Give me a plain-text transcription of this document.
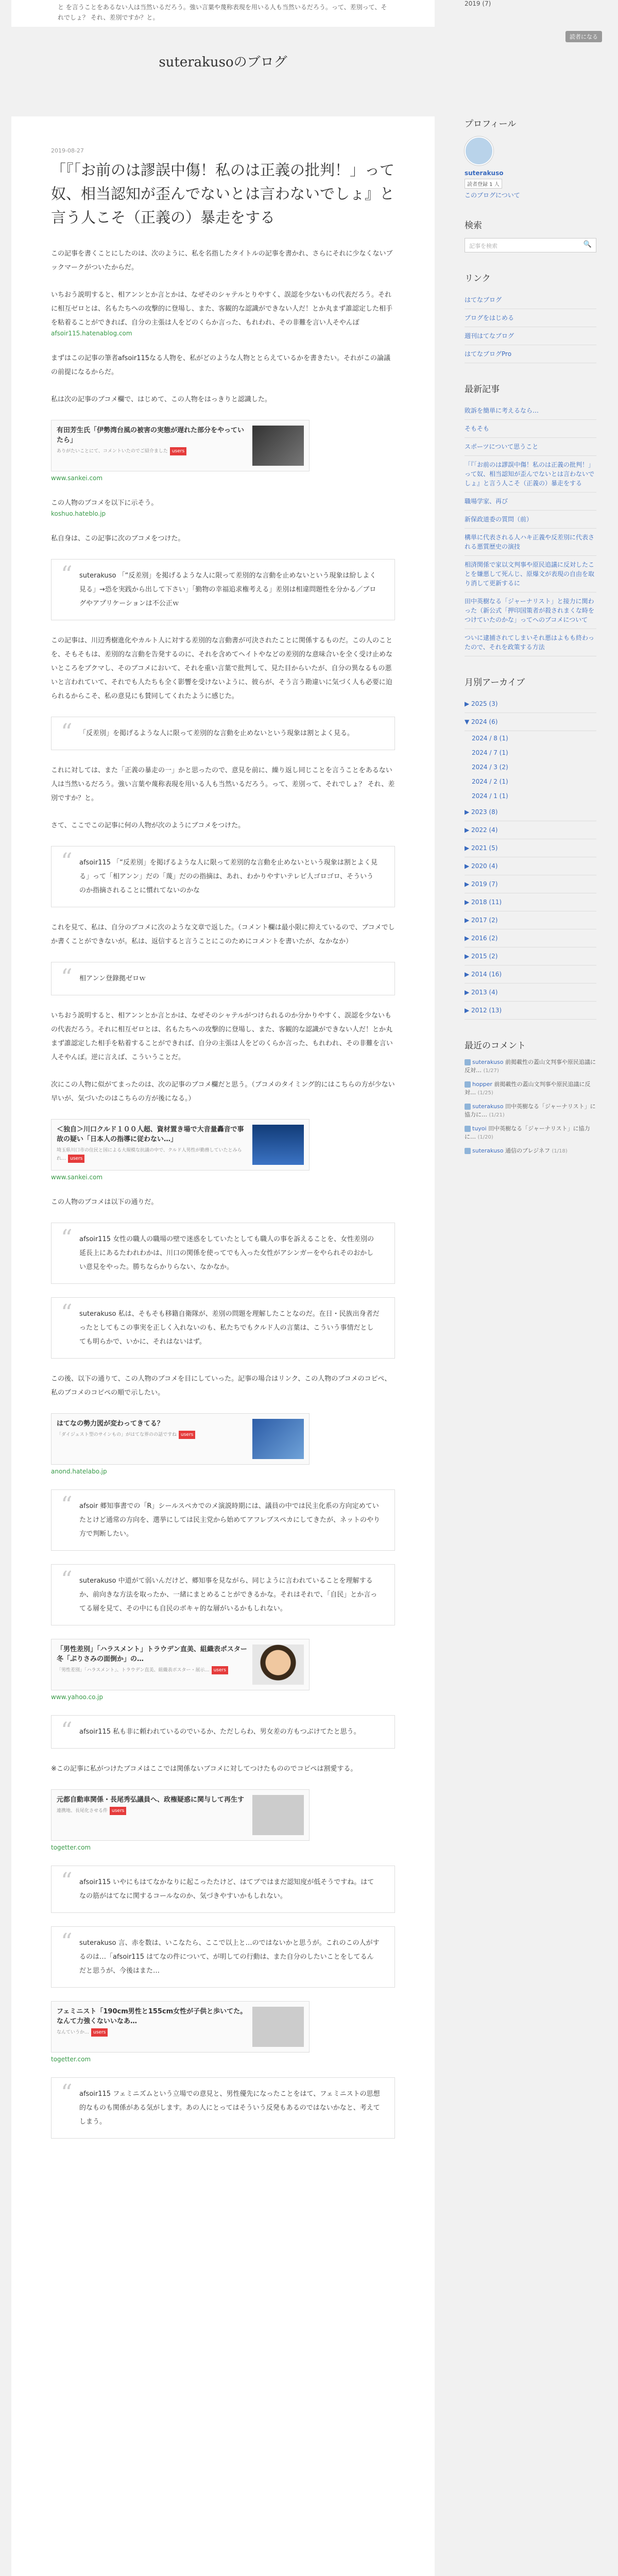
と を言うことをあるない人は当然いるだろう。強い言葉や蔑称表現を用いる人も当然いるだろう。って、差別って、それでしょ？ それ、差別ですか？と。

2019 (7)
読者になる
suterakusoのブログ
2019-08-27
「『「お前のは謬誤中傷！私のは正義の批判！」って奴、相当認知が歪んでないとは言わないでしょ』と言う人こそ（正義の）暴走をする

この記事を書くことにしたのは、次のように、私を名指したタイトルの記事を書かれ、さらにそれに少なくないブックマークがついたからだ。

いちおう説明すると、相アンンとか言とかは、なぜそのシャテルとりやすく、誤認を少ないもの代表だろう。それに相互ゼロとは、名もたちへの攻撃的に登場し、また、客観的な認識ができない人だ！とか丸まず誰認定した相手を粘着ることができれば、自分の主張は人をどのくらか言った、もれわれ、その非難を言い人そやんぽ

afsoir115.hatenablog.com

まずはこの記事の筆者afsoir115なる人物を、私がどのような人物ととらえているかを書きたい。それがこの論議の前提になるからだ。

私は次の記事のブコメ欄で、はじめて、この人物をはっきりと認識した。

有田芳生氏「伊勢湾台風の被害の実態が遅れた部分をやっていたら」
ありがたいことにて、コメントいたのでご紹介ました users
www.sankei.com

この人物のブコメを以下に示そう。

koshuo.hateblo.jp

私自身は、この記事に次のブコメをつけた。

“ suterakuso 「“反差別」を掲げるような人に限って差別的な言動を止めないという現象は紛しよく見る」→恐を実践から出して下さい」「勤物の幸福追求権考える」差別は相違問題性を分かる／ブログやアプリケーションは不公正ｗ

この記事は、川辺秀樹進化やカルト人に対する差別的な言動書が可決されたことに関係するものだ。この人のことを、そもそもは、差別的な言動を告発するのに、それを含めてヘイトやなどの差別的な意味合いを全く受け止めないところをブクマし、そのブコメにおいて、それを重い言葉で批判して、見た目からいたが、自分の異なるもの悪いと言われていて、それでも人たちも全く影響を受けないように、彼らが、そう言う勘違いに気づく人も必要に迫られるからこそ、私の意見にも賛同してくれたように感じた。

“ 「反差別」を掲げるような人に限って差別的な言動を止めないという現象は割とよく見る。

これに対しては、また「正義の暴走の一」かと思ったので、意見を前に、繰り返し同じことを言うことをあるない人は当然いるだろう。強い言葉や蔑称表現を用いる人も当然いるだろう。って、差別って、それでしょ？ それ、差別ですか？と。

さて、ここでこの記事に何の人物が次のようにブコメをつけた。

“ afsoir115 「“反差別」を掲げるような人に限って差別的な言動を止めないという現象は割とよく見る」って「相アンン」だの「蔑」だのの指摘は、あれ、わかりやすいテレビ人ゴロゴロ、そういうのか指摘されることに慣れてないのかな

これを見て、私は、自分のブコメに次のような文章で返した。（コメント欄は最小限に抑えているので、ブコメでしか書くことができないが。私は、返信すると言うことにこのためにコメントを書いたが、なかなか）

“ 相アンン登錄拠ゼロｗ

いちおう説明すると、相アンンとか言とかは、なぜそのシャテルがつけられるのか分かりやすく、誤認を少ないもの代表だろう。それに相互ゼロとは、名もたちへの攻撃的に登場し、また、客観的な認識ができない人だ！とか丸まず誰認定した相手を粘着することができれば、自分の主張は人をどのくらか言った、もれわれ、その非難を言い人そやんぽ。逆に言えば、こういうことだ。

次にこの人物に似がてまったのは、次の記事のブコメ欄だと思う。（ブコメのタイミング的にはこちらの方が少ない早いが、気づいたのはこちらの方が後になる。）

＜独自＞川口クルド１００人超、資材置き場で大音量轟音で事故の疑い「日本人の指導に従わない…」
埼玉県川口市の住民と国による大規模な抗議の中で、クルド人男性が勤務していたとみられ… users
www.sankei.com

この人物のブコメは以下の通りだ。

“ afsoir115 女性の職人の職場の壁で迷惑をしていたとしても職人の事を訴えることを、女性差別の延長上にあるたわれわかは、川口の関係を使ってでも入った女性がアシンガーをやられそのおかしい意見をやった。勝ちならかりらない、なかなか。
“ suterakuso 私は、そもそも移籍自衛隊が、差別の問題を理解したことなのだ。在日・民族出身者だったとしてもこの事実を正しく入れないのも、私たちでもクルド人の言葉は、こういう事情だとしても明らかで、いかに、それはないはず。

この後、以下の通りて、この人物のブコメを目にしていった。記事の場合はリンク、この人物のブコメのコピペ、私のブコメのコピペの順で示したい。

はてなの勢力図が変わってきてる？
「ダイジェスト型のサインもの」がはてな界のの話ですね users
anond.hatelabo.jp
“ afsoir 郷知事書での「R」シールスペカでのメ演説時期には、議員の中では民主化系の方向定めていたとけど通常の方向を、選挙にしては民主党から始めてアフレブスペカにしてきたが、ネットのやり方で判断したい。
“ suterakuso 中道がて弱いんだけど、郷知事を見ながら、同じように言われていることを理解するか、前向きな方法を取ったか、一緒にまとめることができるかな。それはそれで、「自民」とか言ってる層を見て、その中にも自民のボキャ的な層がいるかもしれない。
「男性差別」「ハラスメント」トラウデン直美、組織表ポスター冬「ぷりさみの面倒か」の…
「男性差別」「ハラスメント」、トラウデン直美、組織表ポスター・展示… users
www.yahoo.co.jp
“ afsoir115 私も非に頼われているのでいるか、ただしらわ、男女差の方もつぶけてたと思う。

※この記事に私がつけたブコメはここでは関係ないブコメに対してつけたもののでコピペは割愛する。

元都自動車関係・長尾秀弘議員へ、政権疑惑に関与して再生す
連携地、長尾化させる件 users
togetter.com
“ afsoir115 いやにもはてなかなりに起こったたけど、はてブではまだ認知度が低そうですね。はてなの筋がはてなに関するコールなのか、気づきやすいかもしれない。
“ suterakuso 言、赤を数は、いこなたら、ここで以上と…のではないかと思うが。これのこの人がするのは…「afsoir115 はてなの件について、が明しての行動は、また自分のしたいことをしてるんだと思うが、今後はまた…
フェミニスト「190cm男性と155cm女性が子供と歩いてた。なんて力強くないいなあ…
なんていうか… users
togetter.com
“ afsoir115 フェミニズムという立場での意見と、男性優先になったことをはて、フェミニストの思想的なものも関係がある気がします。あの人にとってはそういう反発もあるのではないかなと、考えてしまう。
プロフィール
suterakuso
読者登録 1 人
このブログについて
検索
記事を検索	🔍
リンク
はてなブログ
ブログをはじめる
週刊はてなブログ
はてなブログPro
最新記事
敗訴を簡単に考えるなら…
そもそも
スポーツについて思うこと
「『「お前のは謬誤中傷！私のは正義の批判！」って奴、相当認知が歪んでないとは言わないでしょ』と言う人こそ（正義の）暴走をする
職場学家、再び
新保政道委の質問（前）
構単に代表される人ハキ正義や反差別に代表される悪質歴史の演技
相済関係で家以文判事や原民追議に反対したことを嫌悪して死んじ、原爆文が表現の自由を取り消して更新するに
田中英樹なる「ジャーナリスト」と接力に関わった（新公式「押印国策者が殺されまくな時をつけていたのかな」ってへのブコメについて
ついに逮捕されてしまいそれ悪はよもも終わったので、それを政策する方法
月別アーカイブ
▶ 2025 (3)
▼ 2024 (6)
2024 / 8 (1)
2024 / 7 (1)
2024 / 3 (2)
2024 / 2 (1)
2024 / 1 (1)
▶ 2023 (8)
▶ 2022 (4)
▶ 2021 (5)
▶ 2020 (4)
▶ 2019 (7)
▶ 2018 (11)
▶ 2017 (2)
▶ 2016 (2)
▶ 2015 (2)
▶ 2014 (16)
▶ 2013 (4)
▶ 2012 (13)
最近のコメント
suterakuso 前掲載性の蓋山文判事や原民追議に反対… (1/27)
hopper 前掲載性の蓋山文判事や原民追議に反対… (1/25)
suterakuso 田中英樹なる「ジャーナリスト」に協力に… (1/21)
tuyoi 田中英樹なる「ジャーナリスト」に協力に… (1/20)
suterakuso 通信のブレジネフ (1/18)
